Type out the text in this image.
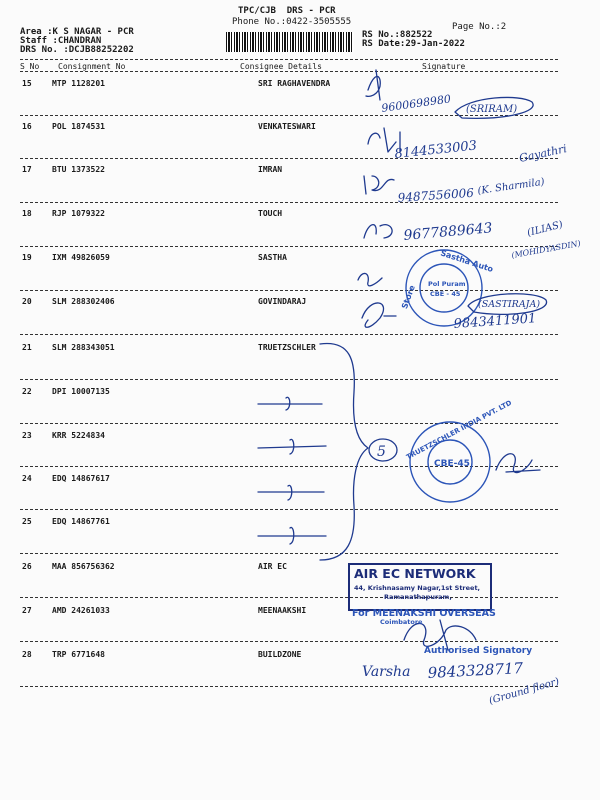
Area :K S NAGAR - PCR
Staff :CHANDRAN
DRS No. :DCJB88252202
TPC/CJB  DRS - PCR
Phone No.:0422-3505555
RS No.:882522
RS Date:29-Jan-2022
Page No.:2
S No Consignment No	Consignee Details	Signature
15	MTP 1128201	SRI RAGHAVENDRA
16	POL 1874531	VENKATESWARI
17	BTU 1373522	IMRAN
18	RJP 1079322	TOUCH
19	IXM 49826059	SASTHA
20	SLM 288302406	GOVINDARAJ
21	SLM 288343051	TRUETZSCHLER
22	DPI 10007135
23	KRR 5224834
24	EDQ 14867617
25	EDQ 14867761
26	MAA 856756362	AIR EC
27	AMD 24261033	MEENAAKSHI
28	TRP 6771648	BUILDZONE
9600698980 (SRIRAM)
8144533003	Gayathri
9487556006 (K. Sharmila)
9677889643	(ILIAS)
(MOHIDYASDIN)
Sastha Auto
Store
Pol Puram
CBE - 45
(SASTIRAJA)
9843411901
5	TRUETZSCHLER INDIA PVT. LTD
CBE-45
Varsha 9843328717
(Ground floor)
AIR EC NETWORK
44, Krishnasamy Nagar,1st Street,
Ramanathapuram,
For MEENAKSHI OVERSEAS
Coimbatore
Authorised Signatory
